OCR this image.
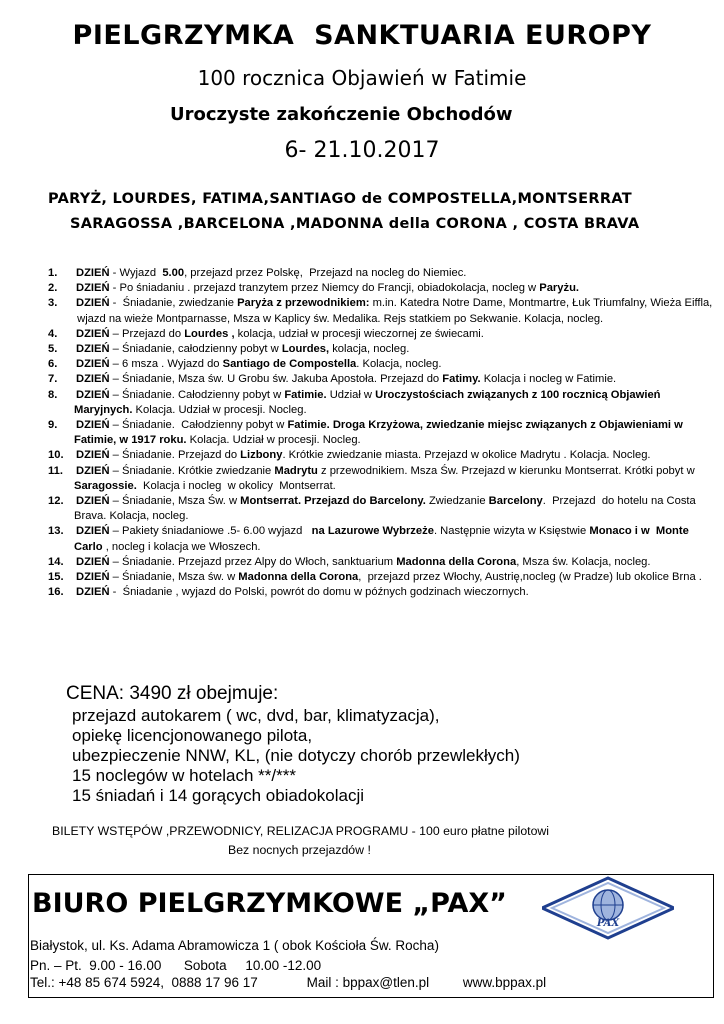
PIELGRZYMKA  SANKTUARIA EUROPY
100 rocznica Objawień w Fatimie
Uroczyste zakończenie Obchodów
6- 21.10.2017
PARYŻ, LOURDES, FATIMA,SANTIAGO de COMPOSTELLA,MONTSERRAT
SARAGOSSA ,BARCELONA ,MADONNA della CORONA , COSTA BRAVA
1. DZIEŃ - Wyjazd  5.00, przejazd przez Polskę,  Przejazd na nocleg do Niemiec.
2. DZIEŃ - Po śniadaniu . przejazd tranzytem przez Niemcy do Francji, obiadokolacja, nocleg w Paryżu.
3. DZIEŃ -  Śniadanie, zwiedzanie Paryża z przewodnikiem: m.in. Katedra Notre Dame, Montmartre, Łuk Triumfalny, Wieża Eiffla,  wjazd na wieże Montparnasse, Msza w Kaplicy św. Medalika. Rejs statkiem po Sekwanie. Kolacja, nocleg.
4. DZIEŃ – Przejazd do Lourdes , kolacja, udział w procesji wieczornej ze świecami.
5. DZIEŃ – Śniadanie, całodzienny pobyt w Lourdes, kolacja, nocleg.
6. DZIEŃ – 6 msza . Wyjazd do Santiago de Compostella. Kolacja, nocleg.
7. DZIEŃ – Śniadanie, Msza św. U Grobu św. Jakuba Apostoła. Przejazd do Fatimy. Kolacja i nocleg w Fatimie.
8. DZIEŃ – Śniadanie. Całodzienny pobyt w Fatimie. Udział w Uroczystościach związanych z 100 rocznicą Objawień Maryjnych. Kolacja. Udział w procesji. Nocleg.
9. DZIEŃ – Śniadanie.  Całodzienny pobyt w Fatimie. Droga Krzyżowa, zwiedzanie miejsc związanych z Objawieniami w Fatimie, w 1917 roku. Kolacja. Udział w procesji. Nocleg.
10. DZIEŃ – Śniadanie. Przejazd do Lizbony. Krótkie zwiedzanie miasta. Przejazd w okolice Madrytu . Kolacja. Nocleg.
11. DZIEŃ – Śniadanie. Krótkie zwiedzanie Madrytu z przewodnikiem. Msza Św. Przejazd w kierunku Montserrat. Krótki pobyt w Saragossie.  Kolacja i nocleg  w okolicy  Montserrat.
12. DZIEŃ – Śniadanie, Msza Św. w Montserrat. Przejazd do Barcelony. Zwiedzanie Barcelony.  Przejazd  do hotelu na Costa Brava. Kolacja, nocleg.
13. DZIEŃ – Pakiety śniadaniowe .5- 6.00 wyjazd   na Lazurowe Wybrzeże. Następnie wizyta w Księstwie Monaco i w  Monte Carlo , nocleg i kolacja we Włoszech.
14. DZIEŃ – Śniadanie. Przejazd przez Alpy do Włoch, sanktuarium Madonna della Corona, Msza św. Kolacja, nocleg.
15. DZIEŃ – Śniadanie, Msza św. w Madonna della Corona,  przejazd przez Włochy, Austrię,nocleg (w Pradze) lub okolice Brna .
16. DZIEŃ -  Śniadanie , wyjazd do Polski, powrót do domu w późnych godzinach wieczornych.
CENA: 3490 zł obejmuje:
przejazd autokarem ( wc, dvd, bar, klimatyzacja),
opiekę licencjonowanego pilota,
ubezpieczenie NNW, KL, (nie dotyczy chorób przewlekłych)
15 noclegów w hotelach **/***
15 śniadań i 14 gorących obiadokolacji
BILETY WSTĘPÓW ,PRZEWODNICY, RELIZACJA PROGRAMU - 100 euro płatne pilotowi
Bez nocnych przejazdów !
BIURO PIELGRZYMKOWE „PAX”
Białystok, ul. Ks. Adama Abramowicza 1 ( obok Kościoła Św. Rocha)
Pn. – Pt.  9.00 - 16.00      Sobota     10.00 -12.00
Tel.: +48 85 674 5924,  0888 17 96 17             Mail : bppax@tlen.pl         www.bppax.pl
PAX
